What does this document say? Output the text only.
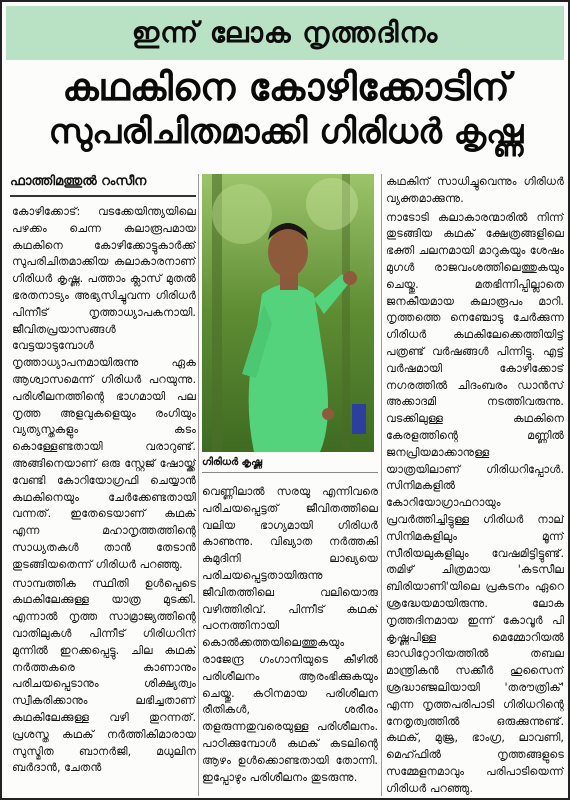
ഇന്ന് ലോക നൃത്തദിനം
കഥകിനെ കോഴിക്കോടിന്
സുപരിചിതമാക്കി ഗിരിധർ കൃഷ്ണ
ഫാത്തിമത്തുൽ റംസീന

കോഴിക്കോട്: വടക്കേയിന്ത്യയിലെ പഴക്കം ചെന്ന കലാരൂപമായ കഥകിനെ കോഴിക്കോട്ടുകാർക്ക് സുപരിചിതമാക്കിയ കലാകാരനാണ് ഗിരിധർ കൃഷ്ണ. പത്താം ക്ലാസ് മുതൽ ഭരതനാട്യം അഭ്യസിച്ചുവന്ന ഗിരിധർ പിന്നീട് നൃത്താധ്യാപകനായി. ജീവിതപ്രയാസങ്ങൾ വേട്ടയാടുമ്പോൾ നൃത്താധ്യാപനമായിരുന്നു ഏക ആശ്വാസമെന്ന് ഗിരിധർ പറയുന്നു. പരിശീലനത്തിന്റെ ഭാഗമായി പല നൃത്ത അളവുകളെയും രംഗിയും വ്യത്യസ്തകളും കടം കൊള്ളേണ്ടതായി വരാറുണ്ട്. അങ്ങിനെയാണ് ഒരു സ്റ്റേജ് ഷോയ്ക്ക് വേണ്ടി കോറിയോഗ്രഫി ചെയ്യാൻ കഥകിനെയും ചേർക്കേണ്ടതായി വന്നത്. ഇതേടെയാണ് കഥക് എന്ന മഹാനൃത്തത്തിന്റെ സാധ്യതകൾ താൻ തേടാൻ തുടങ്ങിയതെന്ന് ഗിരിധർ പറഞ്ഞു.

സാമ്പത്തിക സ്ഥിതി ഉൾപ്പെടെ കഥകിലേക്കുള്ള യാത്ര മുടക്കി. എന്നാൽ നൃത്ത സാമ്രാജ്യത്തിന്റെ വാതിലുകൾ പിന്നീട് ഗിരിധറിന് മുന്നിൽ ഇറക്കപ്പെട്ടു. ചില കഥക് നർത്തകരെ കാണാനും പരിചയപ്പെടാനും ശിക്ഷ്യത്വം സ്വീകരിക്കാനും ലഭിച്ചതാണ് കഥകിലേക്കുള്ള വഴി തുറന്നത്. പ്രശസ്ത കഥക് നർത്തികിമാരായ സുസ്മിത ബാനർജി, മധുലിന ബർദാൻ, ചേതൻ

ഗിരിധർ കൃഷ്ണ

വെണ്ണിലാൽ സരയു എന്നിവരെ പരിചയപ്പെട്ടത് ജീവിതത്തിലെ വലിയ ഭാഗ്യമായി ഗിരിധർ കാണുന്നു. വിഖ്യാത നർത്തകി കുമുദിനി ലാഖ്യയെ പരിചയപ്പെട്ടതായിരുന്നു ജീവിതത്തിലെ വലിയൊരു വഴിത്തിരിവ്. പിന്നീട് കഥക് പഠനത്തിനായി കൊൽക്കത്തയിലെത്തുകയും രാജേന്ദ്ര ഗംഗാനിയുടെ കീഴിൽ പരിശീലനം ആരംഭിക്കുകയും ചെയ്തു. കഠിനമായ പരിശീലന രീതികൾ, ശരീരം തളരുന്നതുവരെയുള്ള പരിശീലനം. പാഠിക്കുമ്പോൾ കഥക് കടലിന്റെ ആഴം ഉൾക്കൊണ്ടതായി തോന്നി. ഇപ്പോഴും പരിശീലനം തുടരുന്നു.

കഥകിന് സാധിച്ചുവെന്നും ഗിരിധർ വ്യക്തമാക്കുന്നു.

നാടോടി കലാകാരന്മാരിൽ നിന്ന് തുടങ്ങിയ കഥക് ക്ഷേത്രങ്ങളിലെ ഭക്തി ചലനമായി മാറുകയും ശേഷം മുഗൾ രാജവംശത്തിലെത്തുകയും ചെയ്തു. മതഭിന്നിപ്പില്ലാതെ ജനകീയമായ കലാരൂപം മാറി. നൃത്തത്തെ നെഞ്ചോടു ചേർക്കുന്ന ഗിരിധർ കഥകിലേക്കെത്തിയിട്ട് പത്രണ്ട് വർഷങ്ങൾ പിന്നിട്ടു. എട്ട് വർഷമായി കോഴിക്കോട് നഗരത്തിൽ ചിദംബരം ഡാൻസ് അക്കാദമി നടത്തിവരുന്നു. വടക്കിലുള്ള കഥകിനെ കേരളത്തിന്റെ മണ്ണിൽ ജനപ്രിയമാക്കാനുള്ള യാത്രയിലാണ് ഗിരിധറിപ്പോൾ. സിനിമകളിൽ കോറിയോഗ്രാഫറായും പ്രവർത്തിച്ചിട്ടുള്ള ഗിരിധർ നാല് സിനിമകളിലും മൂന്ന് സീരിയലുകളിലും വേഷമിട്ടിട്ടുണ്ട്. തമിഴ് ചിത്രമായ 'കടസീല ബിരിയാണി'യിലെ പ്രകടനം ഏറെ ശ്രദ്ധേയമായിരുന്നു. ലോക നൃത്തദിനമായ ഇന്ന് കോവൂർ പി കൃഷ്ണപിള്ള മെമ്മോറിയൽ ഓഡിറ്റോറിയത്തിൽ തബല മാന്ത്രികൻ സക്കീർ ഹുസൈന് ശ്രദ്ധാഞ്ജലിയായി 'തരൗത്രിക്' എന്ന നൃത്തപരിപാടി ഗിരിധറിന്റെ നേതൃത്വത്തിൽ ഒരുക്കുന്നുണ്ട്. കഥക്, മുജ്ര, ഭാംഗ്ര, ലാവണി, മെഹ്ഫിൽ നൃത്തങ്ങളുടെ സമ്മേളനമാവും പരിപാടിയെന്ന് ഗിരിധർ പറഞ്ഞു.
